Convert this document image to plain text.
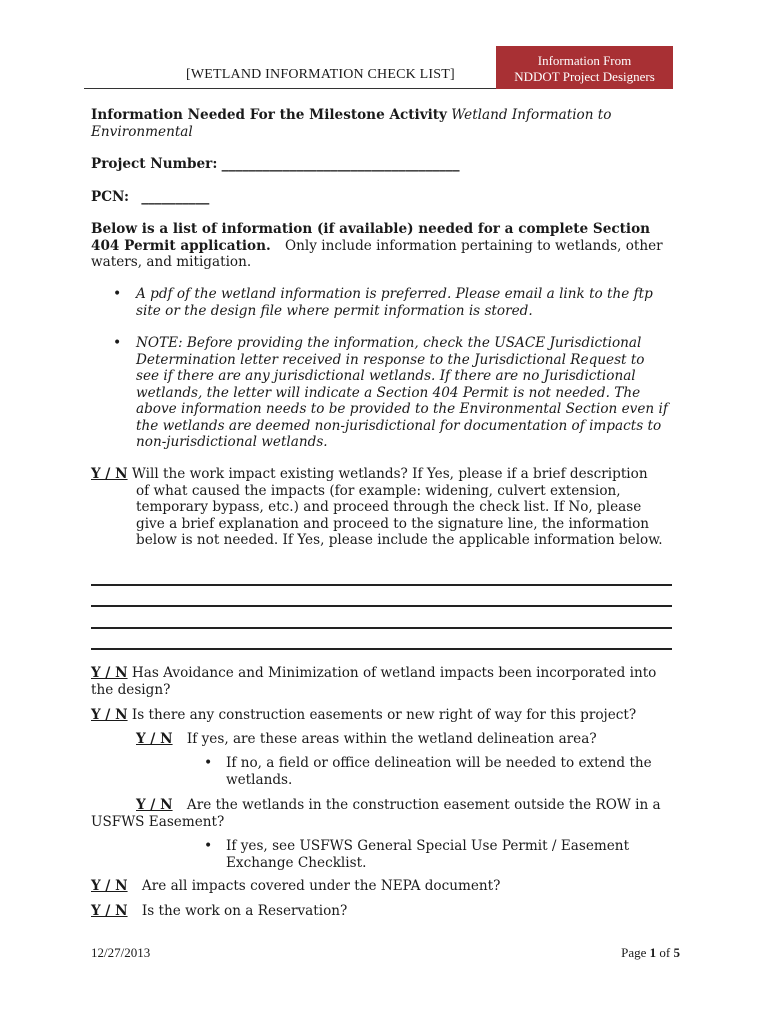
[WETLAND INFORMATION CHECK LIST]
Information From
NDDOT Project Designers

Information Needed For the Milestone Activity Wetland Information to
Environmental

Project Number: ___________________________________

PCN: __________

Below is a list of information (if available) needed for a complete Section
404 Permit application. Only include information pertaining to wetlands, other
waters, and mitigation.

• A pdf of the wetland information is preferred. Please email a link to the ftp
site or the design file where permit information is stored.

• NOTE: Before providing the information, check the USACE Jurisdictional
Determination letter received in response to the Jurisdictional Request to
see if there are any jurisdictional wetlands. If there are no Jurisdictional
wetlands, the letter will indicate a Section 404 Permit is not needed. The
above information needs to be provided to the Environmental Section even if
the wetlands are deemed non-jurisdictional for documentation of impacts to
non-jurisdictional wetlands.

Y / N Will the work impact existing wetlands? If Yes, please if a brief description
of what caused the impacts (for example: widening, culvert extension,
temporary bypass, etc.) and proceed through the check list. If No, please
give a brief explanation and proceed to the signature line, the information
below is not needed. If Yes, please include the applicable information below.

Y / N Has Avoidance and Minimization of wetland impacts been incorporated into
the design?

Y / N Is there any construction easements or new right of way for this project?

Y / N If yes, are these areas within the wetland delineation area?

• If no, a field or office delineation will be needed to extend the
wetlands.

Y / N Are the wetlands in the construction easement outside the ROW in a
USFWS Easement?

• If yes, see USFWS General Special Use Permit / Easement
Exchange Checklist.

Y / N Are all impacts covered under the NEPA document?

Y / N Is the work on a Reservation?

12/27/2013	Page 1 of 5
